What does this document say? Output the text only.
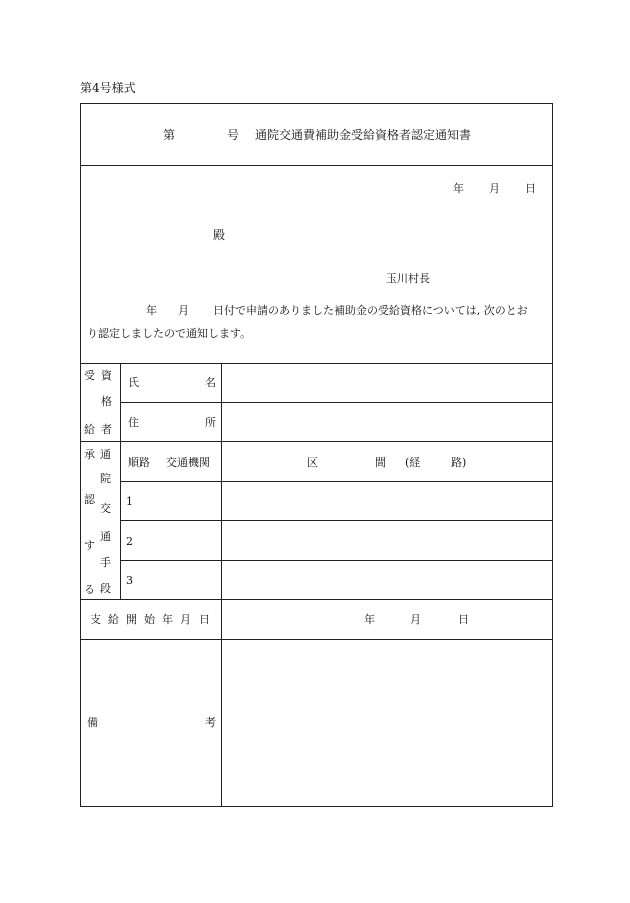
第4号様式
第	号 通院交通費補助金受給資格者認定通知書
年 月 日
殿
玉川村長
年 月 日付で申請のありました補助金の受給資格については, 次のとお
り認定しましたので通知します。
受 資
格
給 者
氏	名
住	所
承 通
院
認
交
通
す
手
段
る
順路 交通機関	区	間 (経	路)
1
2
3
支 給 開 始 年 月 日	年	月	日
備	考
